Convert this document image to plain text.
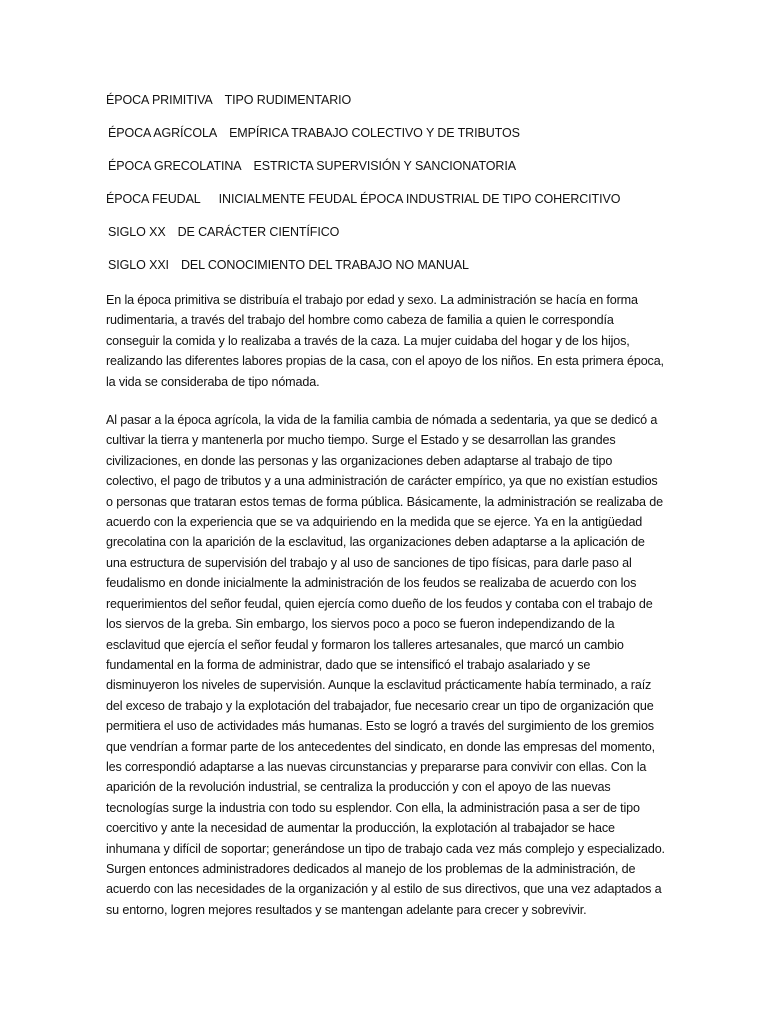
ÉPOCA PRIMITIVA TIPO RUDIMENTARIO
ÉPOCA AGRÍCOLA EMPÍRICA TRABAJO COLECTIVO Y DE TRIBUTOS
ÉPOCA GRECOLATINA ESTRICTA SUPERVISIÓN Y SANCIONATORIA
ÉPOCA FEUDAL INICIALMENTE FEUDAL ÉPOCA INDUSTRIAL DE TIPO COHERCITIVO
SIGLO XX DE CARÁCTER CIENTÍFICO
SIGLO XXI DEL CONOCIMIENTO DEL TRABAJO NO MANUAL

En la época primitiva se distribuía el trabajo por edad y sexo. La administración se hacía en forma rudimentaria, a través del trabajo del hombre como cabeza de familia a quien le correspondía conseguir la comida y lo realizaba a través de la caza. La mujer cuidaba del hogar y de los hijos, realizando las diferentes labores propias de la casa, con el apoyo de los niños. En esta primera época, la vida se consideraba de tipo nómada.

Al pasar a la época agrícola, la vida de la familia cambia de nómada a sedentaria, ya que se dedicó a cultivar la tierra y mantenerla por mucho tiempo. Surge el Estado y se desarrollan las grandes civilizaciones, en donde las personas y las organizaciones deben adaptarse al trabajo de tipo colectivo, el pago de tributos y a una administración de carácter empírico, ya que no existían estudios o personas que trataran estos temas de forma pública. Básicamente, la administración se realizaba de acuerdo con la experiencia que se va adquiriendo en la medida que se ejerce. Ya en la antigüedad grecolatina con la aparición de la esclavitud, las organizaciones deben adaptarse a la aplicación de una estructura de supervisión del trabajo y al uso de sanciones de tipo físicas, para darle paso al feudalismo en donde inicialmente la administración de los feudos se realizaba de acuerdo con los requerimientos del señor feudal, quien ejercía como dueño de los feudos y contaba con el trabajo de los siervos de la greba. Sin embargo, los siervos poco a poco se fueron independizando de la esclavitud que ejercía el señor feudal y formaron los talleres artesanales, que marcó un cambio fundamental en la forma de administrar, dado que se intensificó el trabajo asalariado y se disminuyeron los niveles de supervisión. Aunque la esclavitud prácticamente había terminado, a raíz del exceso de trabajo y la explotación del trabajador, fue necesario crear un tipo de organización que permitiera el uso de actividades más humanas. Esto se logró a través del surgimiento de los gremios que vendrían a formar parte de los antecedentes del sindicato, en donde las empresas del momento, les correspondió adaptarse a las nuevas circunstancias y prepararse para convivir con ellas. Con la aparición de la revolución industrial, se centraliza la producción y con el apoyo de las nuevas tecnologías surge la industria con todo su esplendor. Con ella, la administración pasa a ser de tipo coercitivo y ante la necesidad de aumentar la producción, la explotación al trabajador se hace inhumana y difícil de soportar; generándose un tipo de trabajo cada vez más complejo y especializado. Surgen entonces administradores dedicados al manejo de los problemas de la administración, de acuerdo con las necesidades de la organización y al estilo de sus directivos, que una vez adaptados a su entorno, logren mejores resultados y se mantengan adelante para crecer y sobrevivir.
